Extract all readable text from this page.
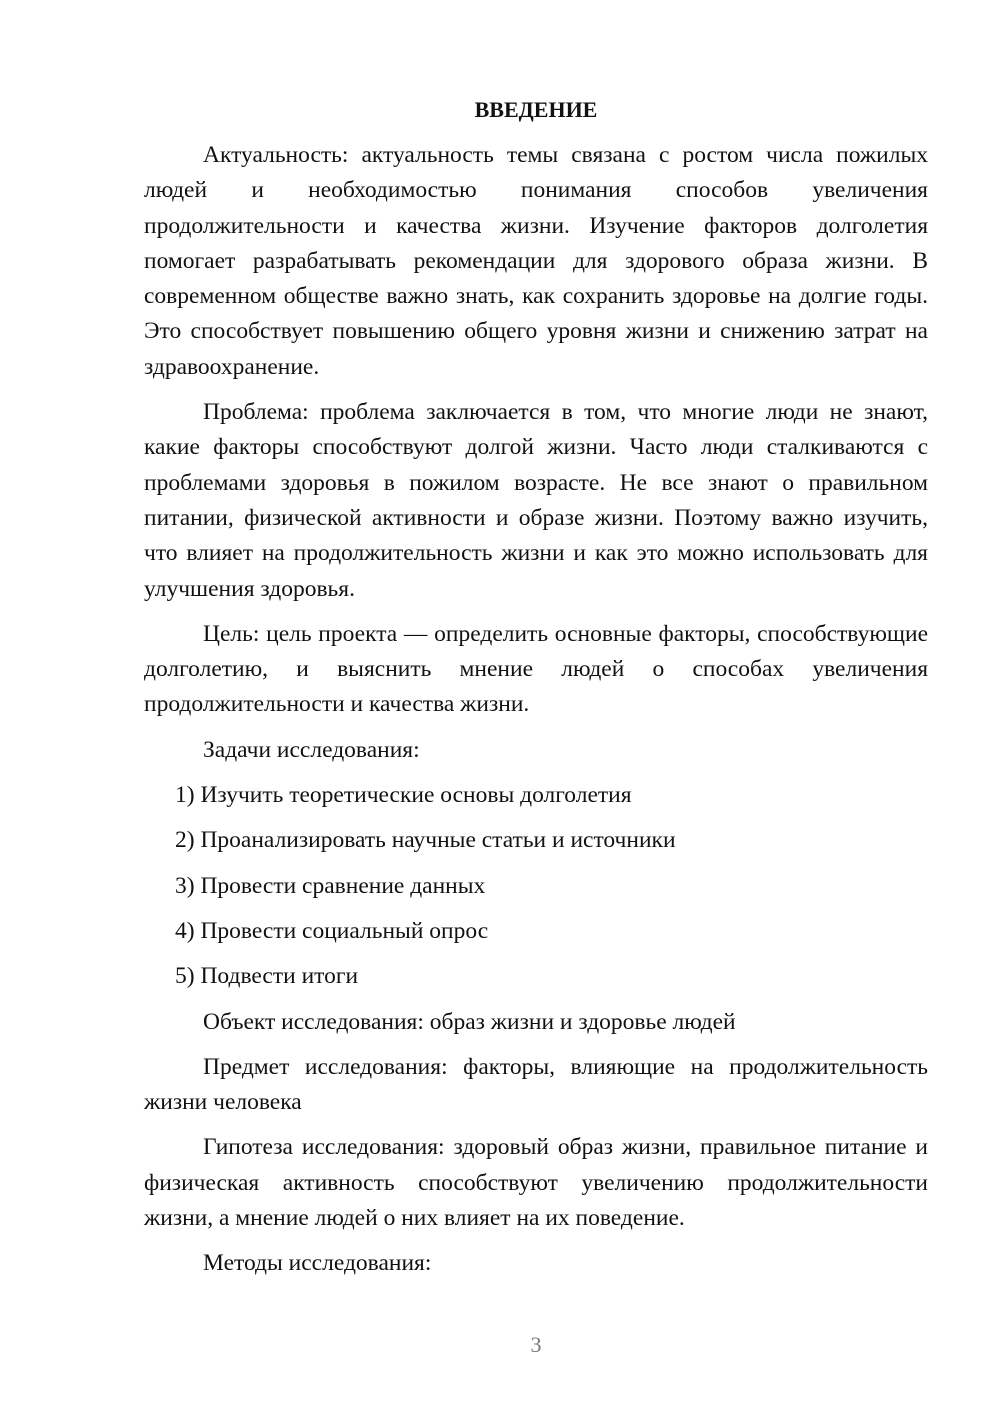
ВВЕДЕНИЕ

Актуальность: актуальность темы связана с ростом числа пожилых людей и необходимостью понимания способов увеличения продолжительности и качества жизни. Изучение факторов долголетия помогает разрабатывать рекомендации для здорового образа жизни. В современном обществе важно знать, как сохранить здоровье на долгие годы. Это способствует повышению общего уровня жизни и снижению затрат на здравоохранение.

Проблема: проблема заключается в том, что многие люди не знают, какие факторы способствуют долгой жизни. Часто люди сталкиваются с проблемами здоровья в пожилом возрасте. Не все знают о правильном питании, физической активности и образе жизни. Поэтому важно изучить, что влияет на продолжительность жизни и как это можно использовать для улучшения здоровья.

Цель: цель проекта — определить основные факторы, способствующие долголетию, и выяснить мнение людей о способах увеличения продолжительности и качества жизни.

Задачи исследования:

1) Изучить теоретические основы долголетия
2) Проанализировать научные статьи и источники
3) Провести сравнение данных
4) Провести социальный опрос
5) Подвести итоги

Объект исследования: образ жизни и здоровье людей

Предмет исследования: факторы, влияющие на продолжительность жизни человека

Гипотеза исследования: здоровый образ жизни, правильное питание и физическая активность способствуют увеличению продолжительности жизни, а мнение людей о них влияет на их поведение.

Методы исследования:

3
